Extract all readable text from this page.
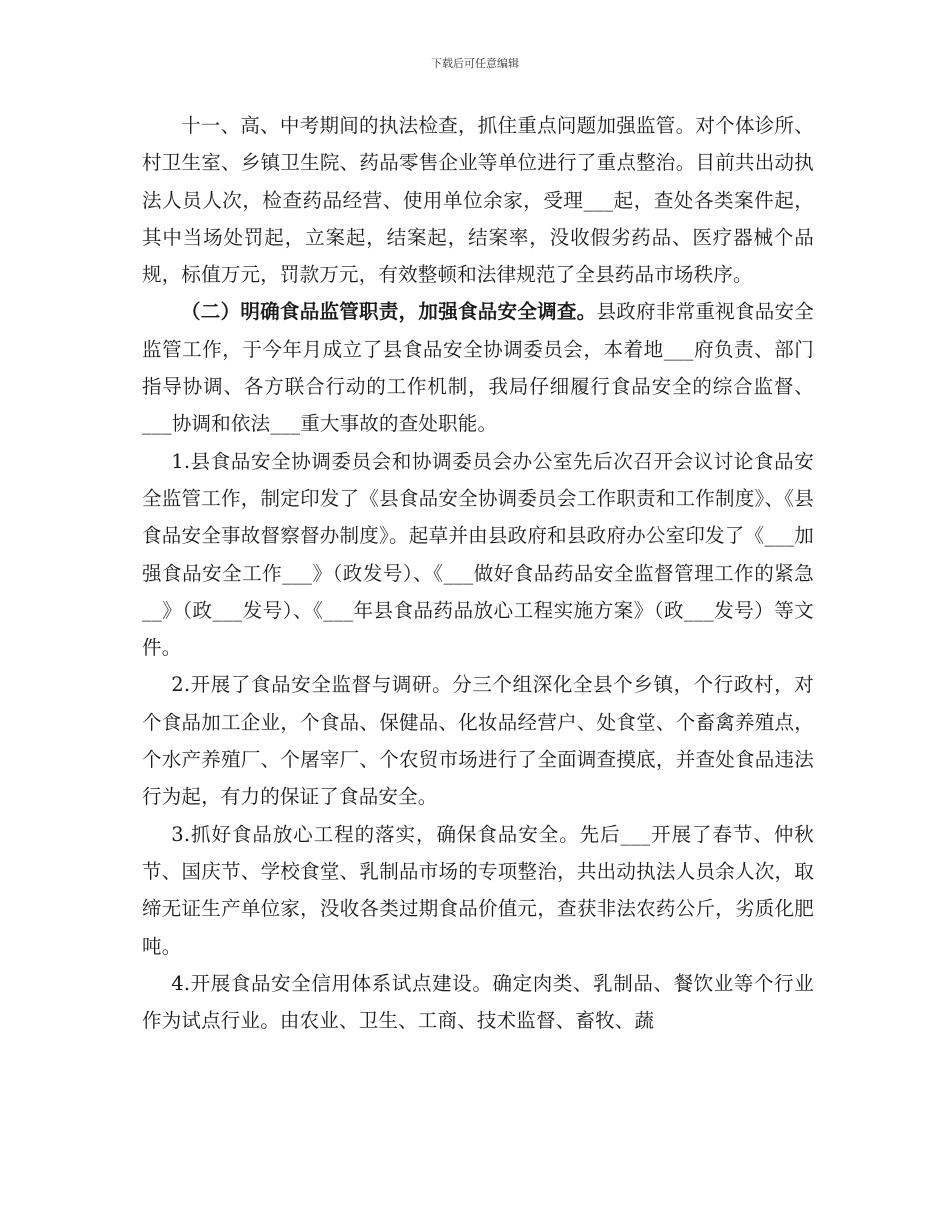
下载后可任意编辑

十一、高、中考期间的执法检查，抓住重点问题加强监管。对个体诊所、村卫生室、乡镇卫生院、药品零售企业等单位进行了重点整治。目前共出动执法人员人次，检查药品经营、使用单位余家，受理___起，查处各类案件起，其中当场处罚起，立案起，结案起，结案率，没收假劣药品、医疗器械个品规，标值万元，罚款万元，有效整顿和法律规范了全县药品市场秩序。

（二）明确食品监管职责，加强食品安全调查。县政府非常重视食品安全监管工作，于今年月成立了县食品安全协调委员会，本着地___府负责、部门指导协调、各方联合行动的工作机制，我局仔细履行食品安全的综合监督、___协调和依法___重大事故的查处职能。

1.县食品安全协调委员会和协调委员会办公室先后次召开会议讨论食品安全监管工作，制定印发了《县食品安全协调委员会工作职责和工作制度》、《县食品安全事故督察督办制度》。起草并由县政府和县政府办公室印发了《___加强食品安全工作___》（政发号）、《___做好食品药品安全监督管理工作的紧急__》（政___发号）、《___年县食品药品放心工程实施方案》（政___发号）等文件。

2.开展了食品安全监督与调研。分三个组深化全县个乡镇，个行政村，对个食品加工企业，个食品、保健品、化妆品经营户、处食堂、个畜禽养殖点，个水产养殖厂、个屠宰厂、个农贸市场进行了全面调查摸底，并查处食品违法行为起，有力的保证了食品安全。

3.抓好食品放心工程的落实，确保食品安全。先后___开展了春节、仲秋节、国庆节、学校食堂、乳制品市场的专项整治，共出动执法人员余人次，取缔无证生产单位家，没收各类过期食品价值元，查获非法农药公斤，劣质化肥吨。

4.开展食品安全信用体系试点建设。确定肉类、乳制品、餐饮业等个行业作为试点行业。由农业、卫生、工商、技术监督、畜牧、蔬
